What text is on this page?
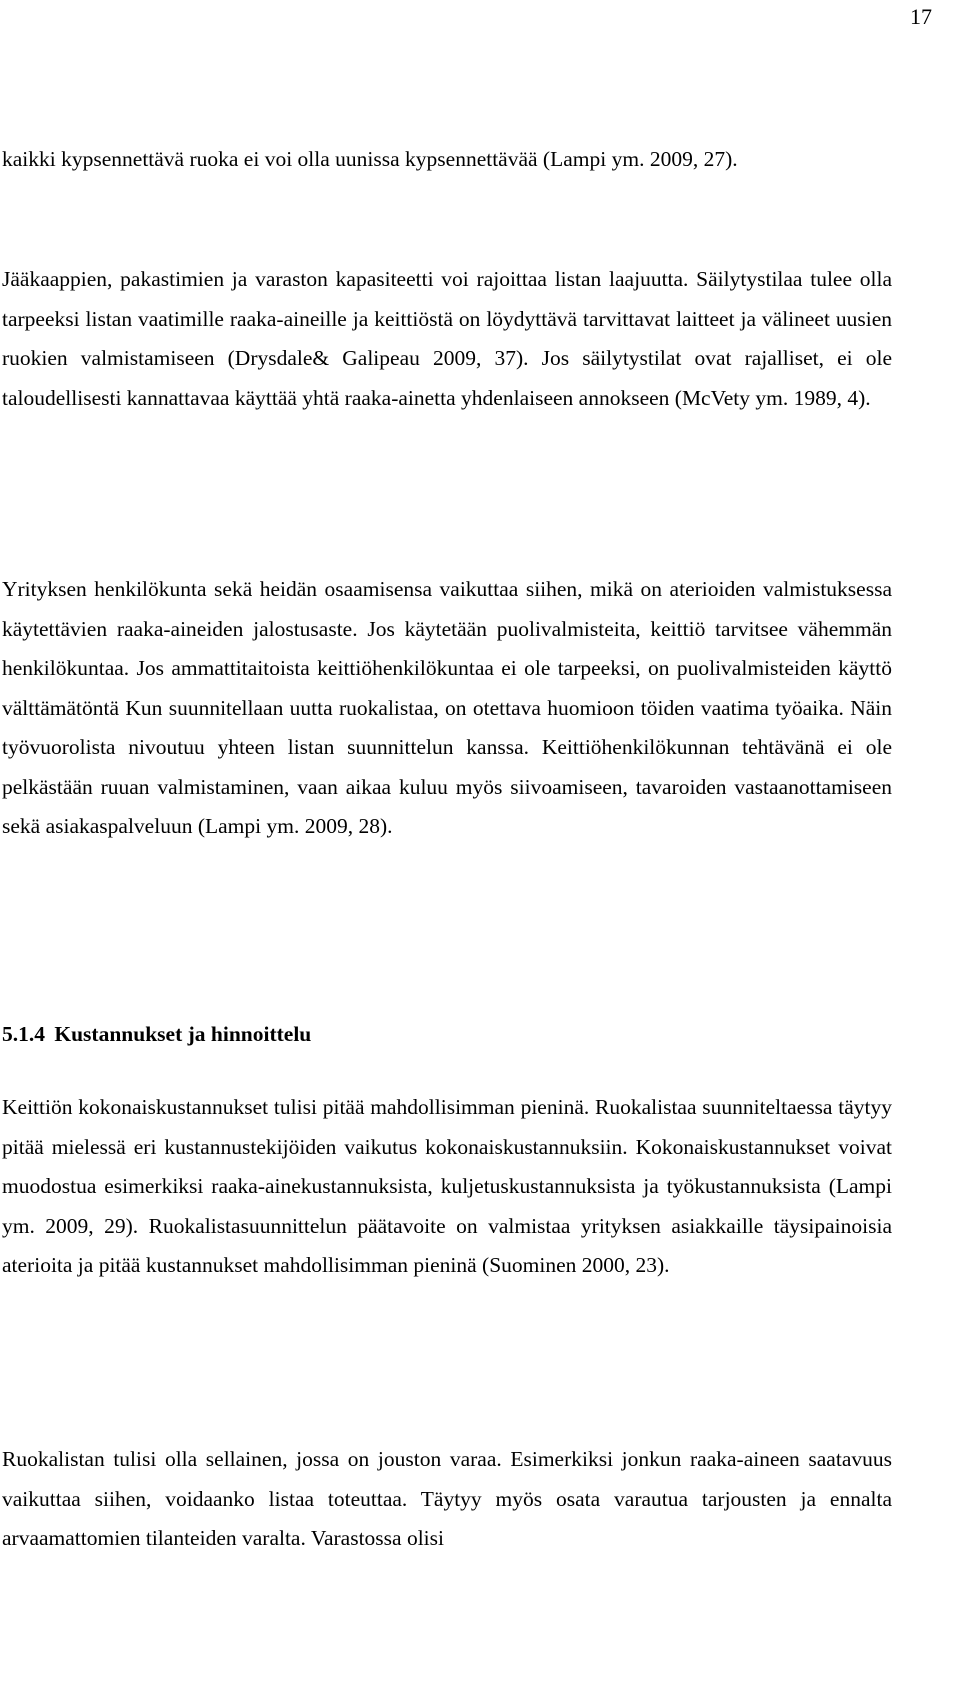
17

kaikki kypsennettävä ruoka ei voi olla uunissa kypsennettävää (Lampi ym. 2009, 27).

Jääkaappien, pakastimien ja varaston kapasiteetti voi rajoittaa listan laajuutta. Säilytystilaa tulee olla tarpeeksi listan vaatimille raaka-aineille ja keittiöstä on löydyttävä tarvittavat laitteet ja välineet uusien ruokien valmistamiseen (Drysdale& Galipeau 2009, 37). Jos säilytystilat ovat rajalliset, ei ole taloudellisesti kannattavaa käyttää yhtä raaka-ainetta yhdenlaiseen annokseen (McVety ym. 1989, 4).

Yrityksen henkilökunta sekä heidän osaamisensa vaikuttaa siihen, mikä on aterioiden valmistuksessa käytettävien raaka-aineiden jalostusaste. Jos käytetään puolivalmisteita, keittiö tarvitsee vähemmän henkilökuntaa. Jos ammattitaitoista keittiöhenkilökuntaa ei ole tarpeeksi, on puolivalmisteiden käyttö välttämätöntä Kun suunnitellaan uutta ruokalistaa, on otettava huomioon töiden vaatima työaika. Näin työvuorolista nivoutuu yhteen listan suunnittelun kanssa. Keittiöhenkilökunnan tehtävänä ei ole pelkästään ruuan valmistaminen, vaan aikaa kuluu myös siivoamiseen, tavaroiden vastaanottamiseen sekä asiakaspalveluun (Lampi ym. 2009, 28).

5.1.4 Kustannukset ja hinnoittelu

Keittiön kokonaiskustannukset tulisi pitää mahdollisimman pieninä. Ruokalistaa suunniteltaessa täytyy pitää mielessä eri kustannustekijöiden vaikutus kokonaiskustannuksiin. Kokonaiskustannukset voivat muodostua esimerkiksi raaka-ainekustannuksista, kuljetuskustannuksista ja työkustannuksista (Lampi ym. 2009, 29). Ruokalistasuunnittelun päätavoite on valmistaa yrityksen asiakkaille täysipainoisia aterioita ja pitää kustannukset mahdollisimman pieninä (Suominen 2000, 23).

Ruokalistan tulisi olla sellainen, jossa on jouston varaa. Esimerkiksi jonkun raaka-aineen saatavuus vaikuttaa siihen, voidaanko listaa toteuttaa. Täytyy myös osata varautua tarjousten ja ennalta arvaamattomien tilanteiden varalta. Varastossa olisi
